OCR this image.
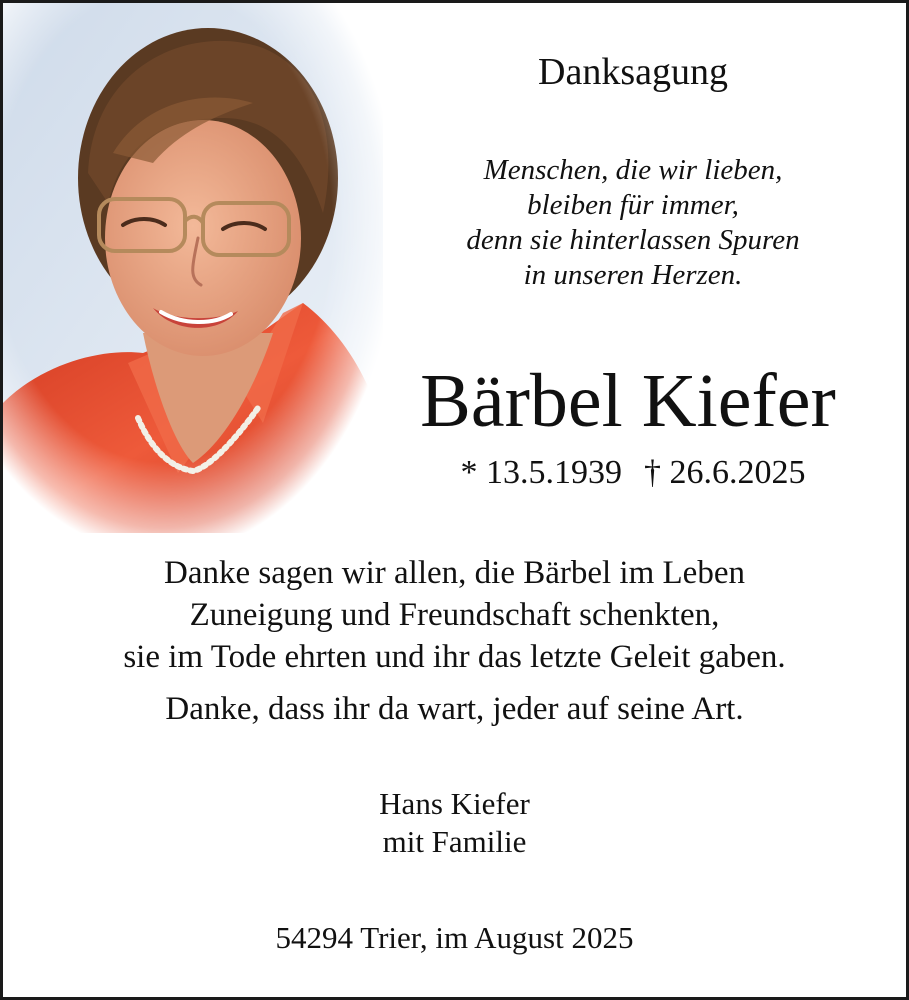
Danksagung
Menschen, die wir lieben,
bleiben für immer,
denn sie hinterlassen Spuren
in unseren Herzen.
Bärbel Kiefer
* 13.5.1939 † 26.6.2025
Danke sagen wir allen, die Bärbel im Leben
Zuneigung und Freundschaft schenkten,
sie im Tode ehrten und ihr das letzte Geleit gaben.
Danke, dass ihr da wart, jeder auf seine Art.
Hans Kiefer
mit Familie
54294 Trier, im August 2025
